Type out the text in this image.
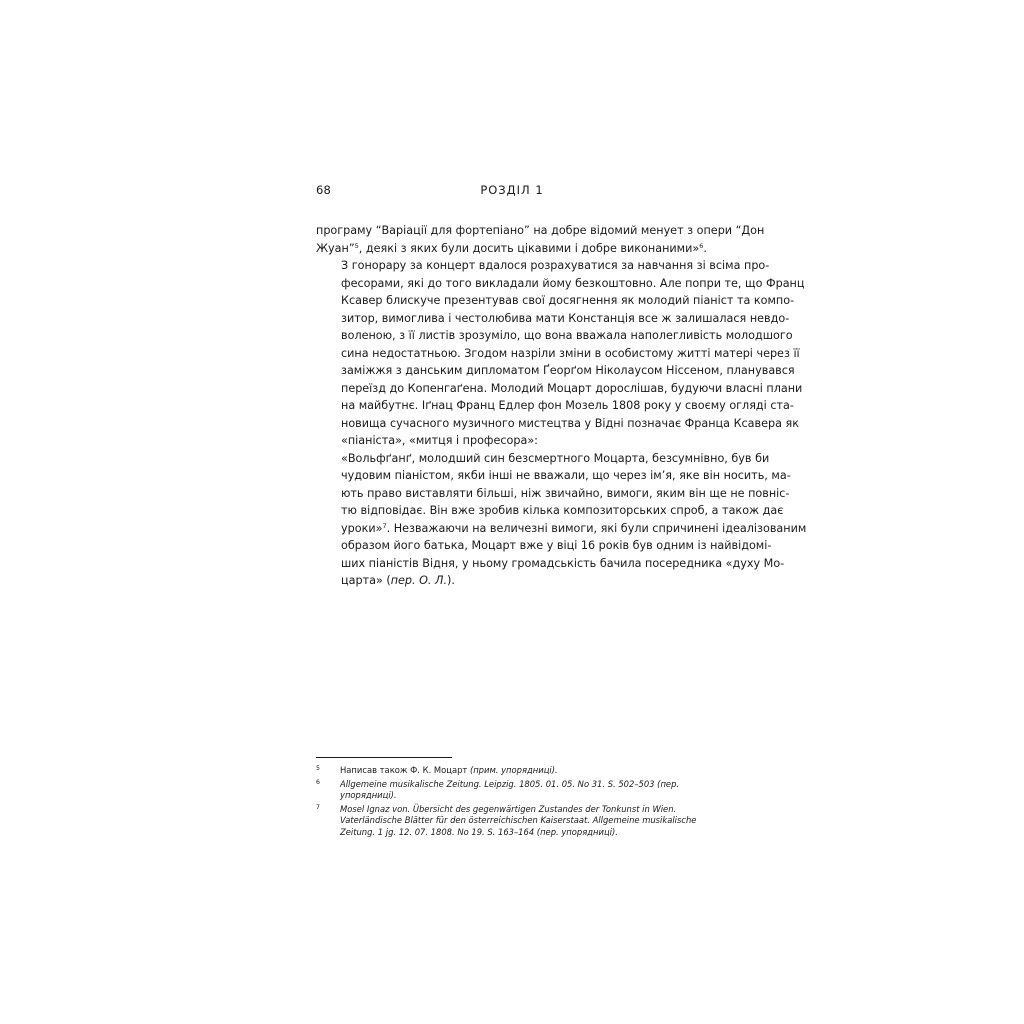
68	РОЗДІЛ 1

програму “Варіації для фортепіано” на добре відомий менует з опери “Дон
Жуан”$^5$, деякі з яких були досить цікавими і добре виконаними»$^6$.

З гонорару за концерт вдалося розрахуватися за навчання зі всіма про-
фесорами, які до того викладали йому безкоштовно. Але попри те, що Франц
Ксавер блискуче презентував свої досягнення як молодий піаніст та компо-
зитор, вимоглива і честолюбива мати Констанція все ж залишалася невдо-
воленою, з її листів зрозуміло, що вона вважала наполегливість молодшого
сина недостатньою. Згодом назріли зміни в особистому житті матері через її
заміжжя з данським дипломатом Ґеорґом Ніколаусом Ніссеном, планувався
переїзд до Копенгаґена. Молодий Моцарт дорослішав, будуючи власні плани
на майбутнє. Іґнац Франц Едлер фон Мозель 1808 року у своєму огляді ста-
новища сучасного музичного мистецтва у Відні позначає Франца Ксавера як
«піаніста», «митця і професора»:

«Вольфґанґ, молодший син безсмертного Моцарта, безсумнівно, був би
чудовим піаністом, якби інші не вважали, що через ім’я, яке він носить, ма-
ють право виставляти більші, ніж звичайно, вимоги, яким він ще не повніс-
тю відповідає. Він вже зробив кілька композиторських спроб, а також дає
уроки»$^7$. Незважаючи на величезні вимоги, які були спричинені ідеалізованим
образом його батька, Моцарт вже у віці 16 років був одним із найвідомі-
ших піаністів Відня, у ньому громадськість бачила посередника «духу Мо-
царта» (пер. О. Л.).

5 Написав також Ф. К. Моцарт (прим. упорядниці).
6 Allgemeine musikalische Zeitung. Leipzig. 1805. 01. 05. No 31. S. 502–503 (пер. упорядниці).
7 Mosel Ignaz von. Übersicht des gegenwärtigen Zustandes der Tonkunst in Wien. Vaterländische Blätter für den österreichischen Kaiserstaat. Allgemeine musikalische Zeitung. 1 jg. 12. 07. 1808. No 19. S. 163–164 (пер. упорядниці).
